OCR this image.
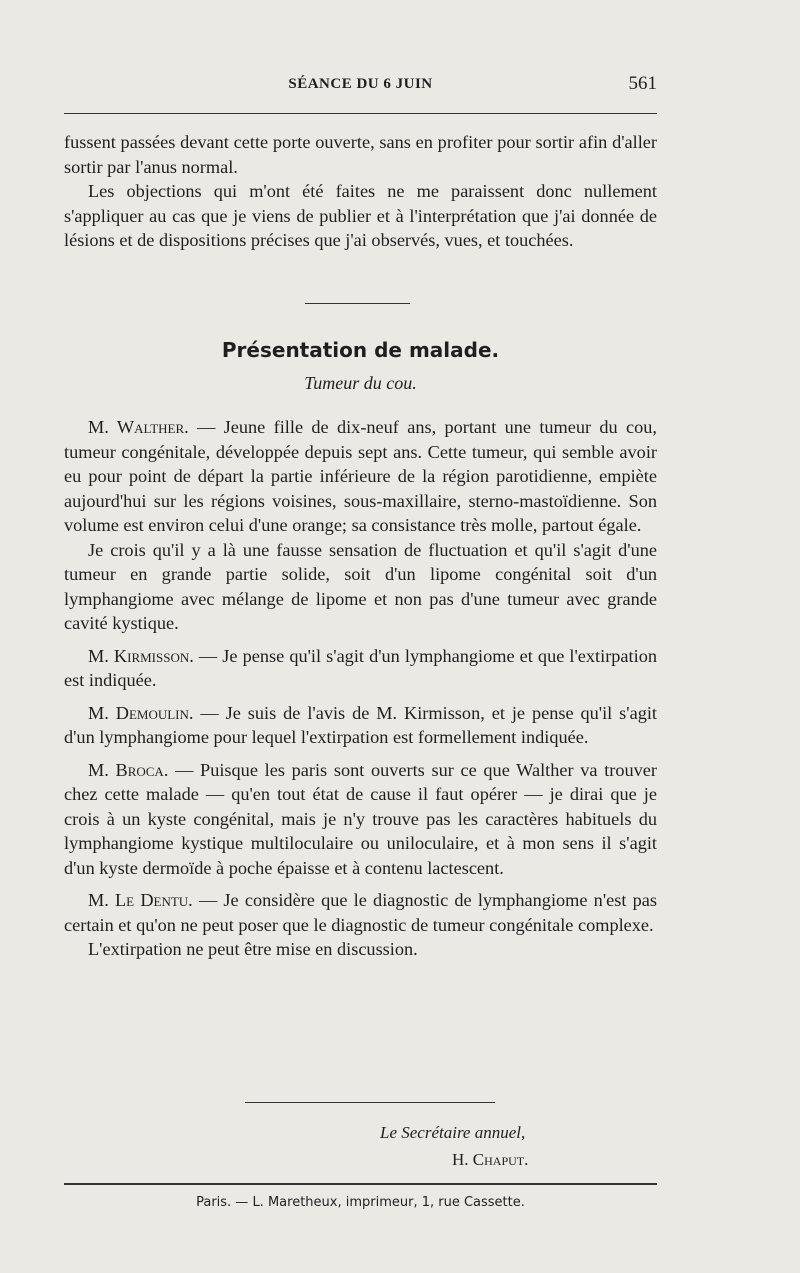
SÉANCE DU 6 JUIN	561

fussent passées devant cette porte ouverte, sans en profiter pour sortir afin d'aller sortir par l'anus normal.

Les objections qui m'ont été faites ne me paraissent donc nullement s'appliquer au cas que je viens de publier et à l'interprétation que j'ai donnée de lésions et de dispositions précises que j'ai observés, vues, et touchées.

Présentation de malade.
Tumeur du cou.

M. Walther. — Jeune fille de dix-neuf ans, portant une tumeur du cou, tumeur congénitale, développée depuis sept ans. Cette tumeur, qui semble avoir eu pour point de départ la partie inférieure de la région parotidienne, empiète aujourd'hui sur les régions voisines, sous-maxillaire, sterno-mastoïdienne. Son volume est environ celui d'une orange; sa consistance très molle, partout égale.

Je crois qu'il y a là une fausse sensation de fluctuation et qu'il s'agit d'une tumeur en grande partie solide, soit d'un lipome congénital soit d'un lymphangiome avec mélange de lipome et non pas d'une tumeur avec grande cavité kystique.

M. Kirmisson. — Je pense qu'il s'agit d'un lymphangiome et que l'extirpation est indiquée.

M. Demoulin. — Je suis de l'avis de M. Kirmisson, et je pense qu'il s'agit d'un lymphangiome pour lequel l'extirpation est formellement indiquée.

M. Broca. — Puisque les paris sont ouverts sur ce que Walther va trouver chez cette malade — qu'en tout état de cause il faut opérer — je dirai que je crois à un kyste congénital, mais je n'y trouve pas les caractères habituels du lymphangiome kystique multiloculaire ou uniloculaire, et à mon sens il s'agit d'un kyste dermoïde à poche épaisse et à contenu lactescent.

M. Le Dentu. — Je considère que le diagnostic de lymphangiome n'est pas certain et qu'on ne peut poser que le diagnostic de tumeur congénitale complexe.

L'extirpation ne peut être mise en discussion.

Le Secrétaire annuel,
H. Chaput.
Paris. — L. Maretheux, imprimeur, 1, rue Cassette.
